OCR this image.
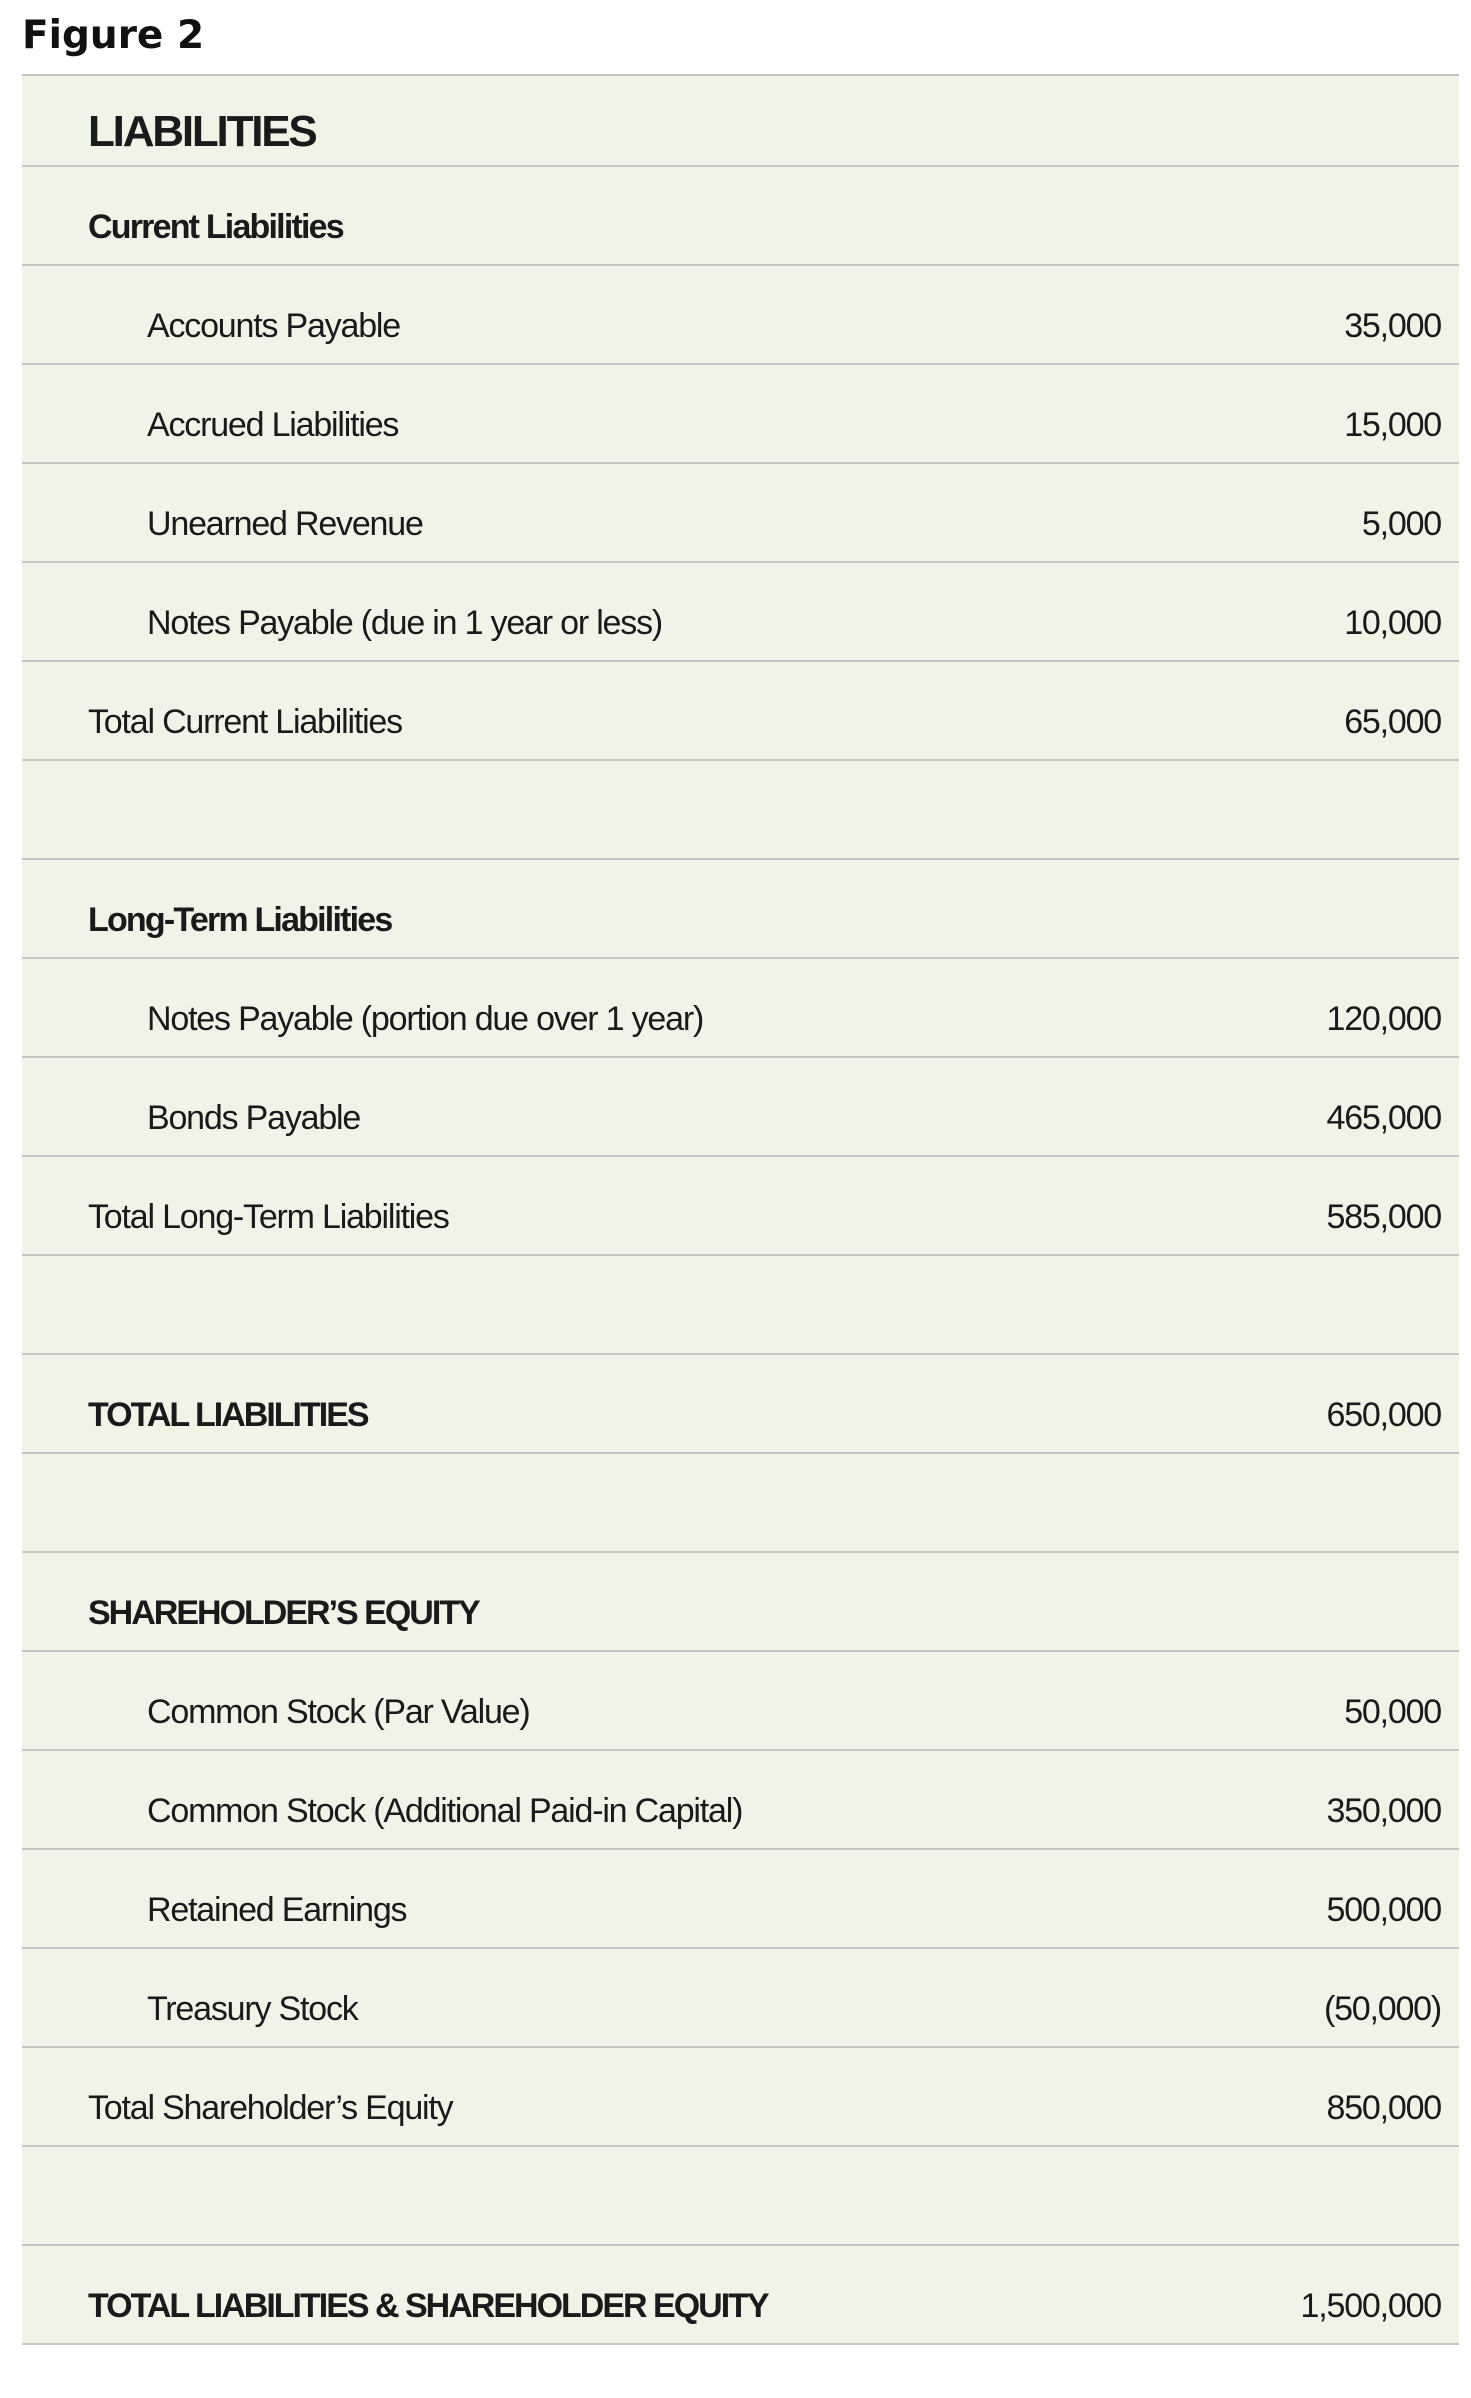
Figure 2
LIABILITIES
Current Liabilities
Accounts Payable	35,000
Accrued Liabilities	15,000
Unearned Revenue	5,000
Notes Payable (due in 1 year or less)	10,000
Total Current Liabilities	65,000
Long-Term Liabilities
Notes Payable (portion due over 1 year)	120,000
Bonds Payable	465,000
Total Long-Term Liabilities	585,000
TOTAL LIABILITIES	650,000
SHAREHOLDER’S EQUITY
Common Stock (Par Value)	50,000
Common Stock (Additional Paid-in Capital)	350,000
Retained Earnings	500,000
Treasury Stock	(50,000)
Total Shareholder’s Equity	850,000
TOTAL LIABILITIES & SHAREHOLDER EQUITY	1,500,000
